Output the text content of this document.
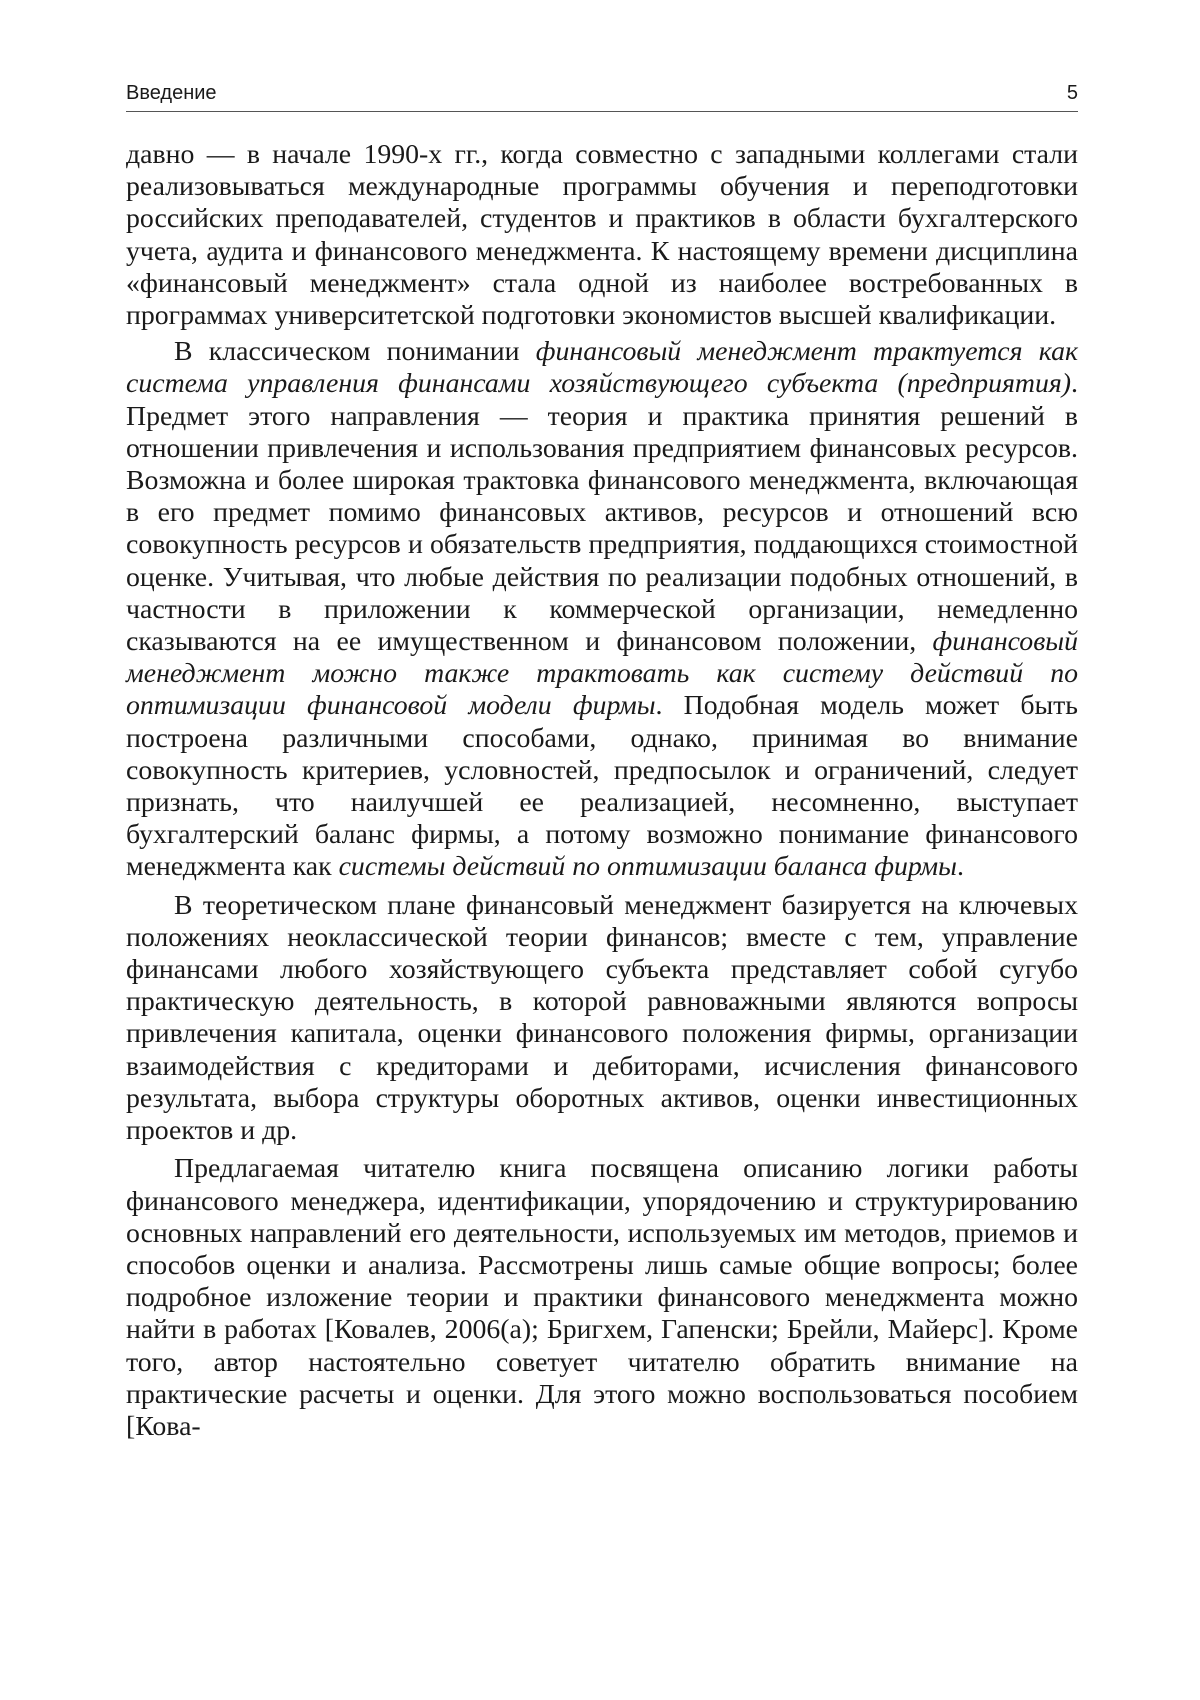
Введение	5

давно — в начале 1990-х гг., когда совместно с западными коллегами стали реализовываться международные программы обучения и переподготовки российских преподавателей, студентов и практиков в области бухгалтерского учета, аудита и финансового менеджмента. К настоящему времени дисциплина «финансовый менеджмент» стала одной из наиболее востребованных в программах университетской подготовки экономистов высшей квалификации.

В классическом понимании финансовый менеджмент трактуется как система управления финансами хозяйствующего субъекта (предприятия). Предмет этого направления — теория и практика принятия решений в отношении привлечения и использования предприятием финансовых ресурсов. Возможна и более широкая трактовка финансового менеджмента, включающая в его предмет помимо финансовых активов, ресурсов и отношений всю совокупность ресурсов и обязательств предприятия, поддающихся стоимостной оценке. Учитывая, что любые действия по реализации подобных отношений, в частности в приложении к коммерческой организации, немедленно сказываются на ее имущественном и финансовом положении, финансовый менеджмент можно также трактовать как систему действий по оптимизации финансовой модели фирмы. Подобная модель может быть построена различными способами, однако, принимая во внимание совокупность критериев, условностей, предпосылок и ограничений, следует признать, что наилучшей ее реализацией, несомненно, выступает бухгалтерский баланс фирмы, а потому возможно понимание финансового менеджмента как системы действий по оптимизации баланса фирмы.

В теоретическом плане финансовый менеджмент базируется на ключевых положениях неоклассической теории финансов; вместе с тем, управление финансами любого хозяйствующего субъекта представляет собой сугубо практическую деятельность, в которой равноважными являются вопросы привлечения капитала, оценки финансового положения фирмы, организации взаимодействия с кредиторами и дебиторами, исчисления финансового результата, выбора структуры оборотных активов, оценки инвестиционных проектов и др.

Предлагаемая читателю книга посвящена описанию логики работы финансового менеджера, идентификации, упорядочению и структурированию основных направлений его деятельности, используемых им методов, приемов и способов оценки и анализа. Рассмотрены лишь самые общие вопросы; более подробное изложение теории и практики финансового менеджмента можно найти в работах [Ковалев, 2006(а); Бригхем, Гапенски; Брейли, Майерс]. Кроме того, автор настоятельно советует читателю обратить внимание на практические расчеты и оценки. Для этого можно воспользоваться пособием [Кова-
